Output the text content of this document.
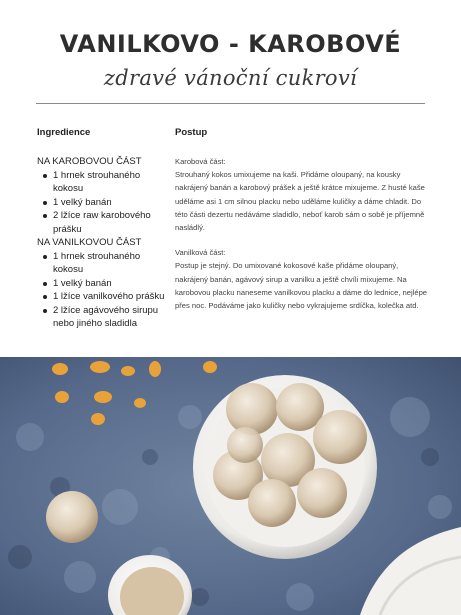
VANILKOVO - KAROBOVÉ
zdravé vánoční cukroví
Ingredience
NA KAROBOVOU ČÁST
1 hrnek strouhaného kokosu
1 velký banán
2 lžíce raw karobového prášku
NA VANILKOVOU ČÁST
1 hrnek strouhaného kokosu
1 velký banán
1 lžíce vanilkového prášku
2 lžíce agávového sirupu nebo jiného sladidla
Postup

Karobová část:

Strouhaný kokos umixujeme na kaši. Přidáme oloupaný, na kousky nakrájený banán a karobový prášek a ještě krátce mixujeme. Z husté kaše uděláme asi 1 cm silnou placku nebo uděláme kuličky a dáme chladit. Do této části dezertu nedáváme sladidlo, neboť karob sám o sobě je příjemně nasládlý.

Vanilková část:

Postup je stejný. Do umixované kokosové kaše přidáme oloupaný, nakrájený banán, agávový sirup a vanilku a ještě chvíli mixujeme. Na karobovou placku naneseme vanilkovou placku a dáme do lednice, nejlépe přes noc. Podáváme jako kuličky nebo vykrajujeme srdíčka, kolečka atd.
